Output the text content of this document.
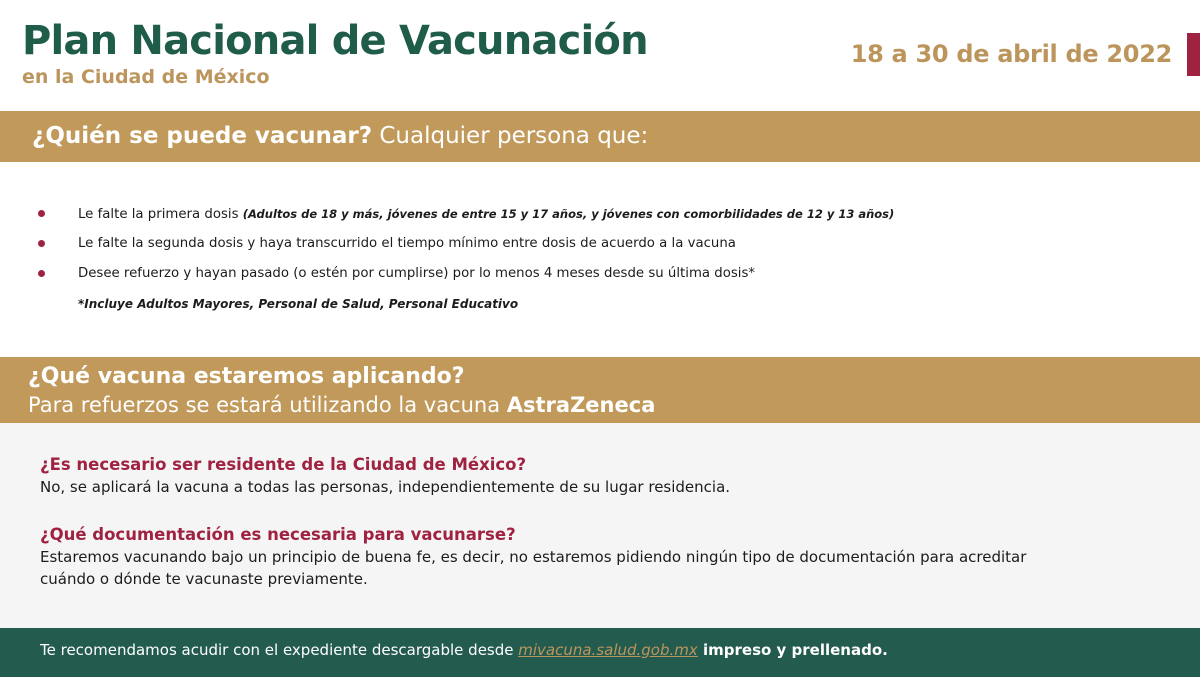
Plan Nacional de Vacunación
en la Ciudad de México
18 a 30 de abril de 2022
¿Quién se puede vacunar? Cualquier persona que:
Le falte la primera dosis (Adultos de 18 y más, jóvenes de entre 15 y 17 años, y jóvenes con comorbilidades de 12 y 13 años)
Le falte la segunda dosis y haya transcurrido el tiempo mínimo entre dosis de acuerdo a la vacuna
Desee refuerzo y hayan pasado (o estén por cumplirse) por lo menos 4 meses desde su última dosis*
*Incluye Adultos Mayores, Personal de Salud, Personal Educativo
¿Qué vacuna estaremos aplicando?
Para refuerzos se estará utilizando la vacuna AstraZeneca
¿Es necesario ser residente de la Ciudad de México?
No, se aplicará la vacuna a todas las personas, independientemente de su lugar residencia.
¿Qué documentación es necesaria para vacunarse?
Estaremos vacunando bajo un principio de buena fe, es decir, no estaremos pidiendo ningún tipo de documentación para acreditar cuándo o dónde te vacunaste previamente.
Te recomendamos acudir con el expediente descargable desde mivacuna.salud.gob.mx impreso y prellenado.
